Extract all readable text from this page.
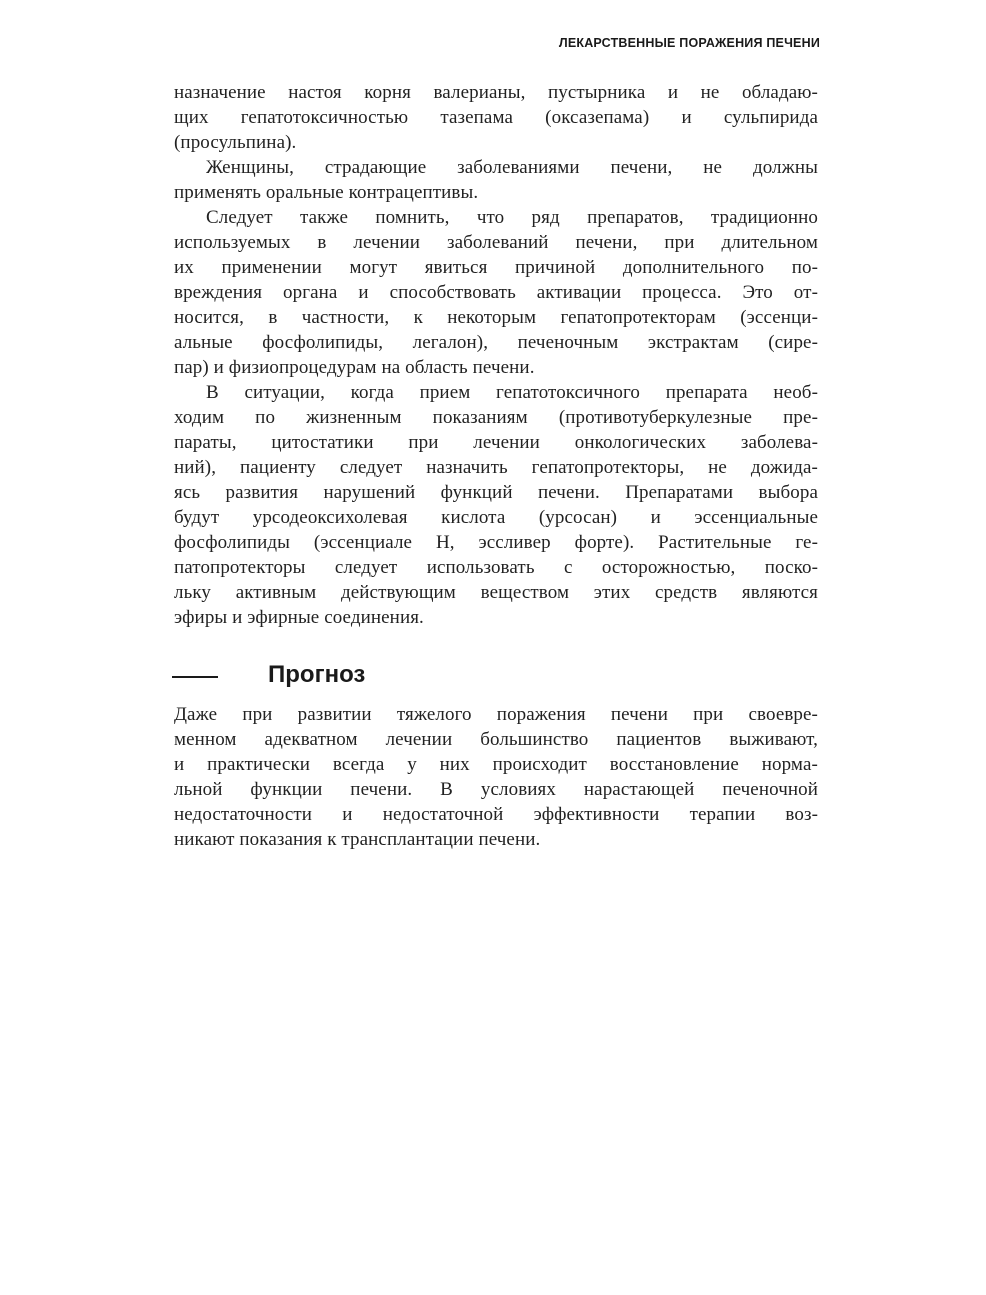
ЛЕКАРСТВЕННЫЕ ПОРАЖЕНИЯ ПЕЧЕНИ
назначение настоя корня валерианы, пустырника и не обладаю-
щих гепатотоксичностью тазепама (оксазепама) и сульпирида
(просульпина).
Женщины, страдающие заболеваниями печени, не должны
применять оральные контрацептивы.
Следует также помнить, что ряд препаратов, традиционно
используемых в лечении заболеваний печени, при длительном
их применении могут явиться причиной дополнительного по-
вреждения органа и способствовать активации процесса. Это от-
носится, в частности, к некоторым гепатопротекторам (эссенци-
альные фосфолипиды, легалон), печеночным экстрактам (сире-
пар) и физиопроцедурам на область печени.
В ситуации, когда прием гепатотоксичного препарата необ-
ходим по жизненным показаниям (противотуберкулезные пре-
параты, цитостатики при лечении онкологических заболева-
ний), пациенту следует назначить гепатопротекторы, не дожида-
ясь развития нарушений функций печени. Препаратами выбора
будут урсодеоксихолевая кислота (урсосан) и эссенциальные
фосфолипиды (эссенциале Н, эссливер форте). Растительные ге-
патопротекторы следует использовать с осторожностью, поско-
льку активным действующим веществом этих средств являются
эфиры и эфирные соединения.
Прогноз
Даже при развитии тяжелого поражения печени при своевре-
менном адекватном лечении большинство пациентов выживают,
и практически всегда у них происходит восстановление нормa-
льной функции печени. В условиях нарастающей печеночной
недостаточности и недостаточной эффективности терапии воз-
никают показания к трансплантации печени.
